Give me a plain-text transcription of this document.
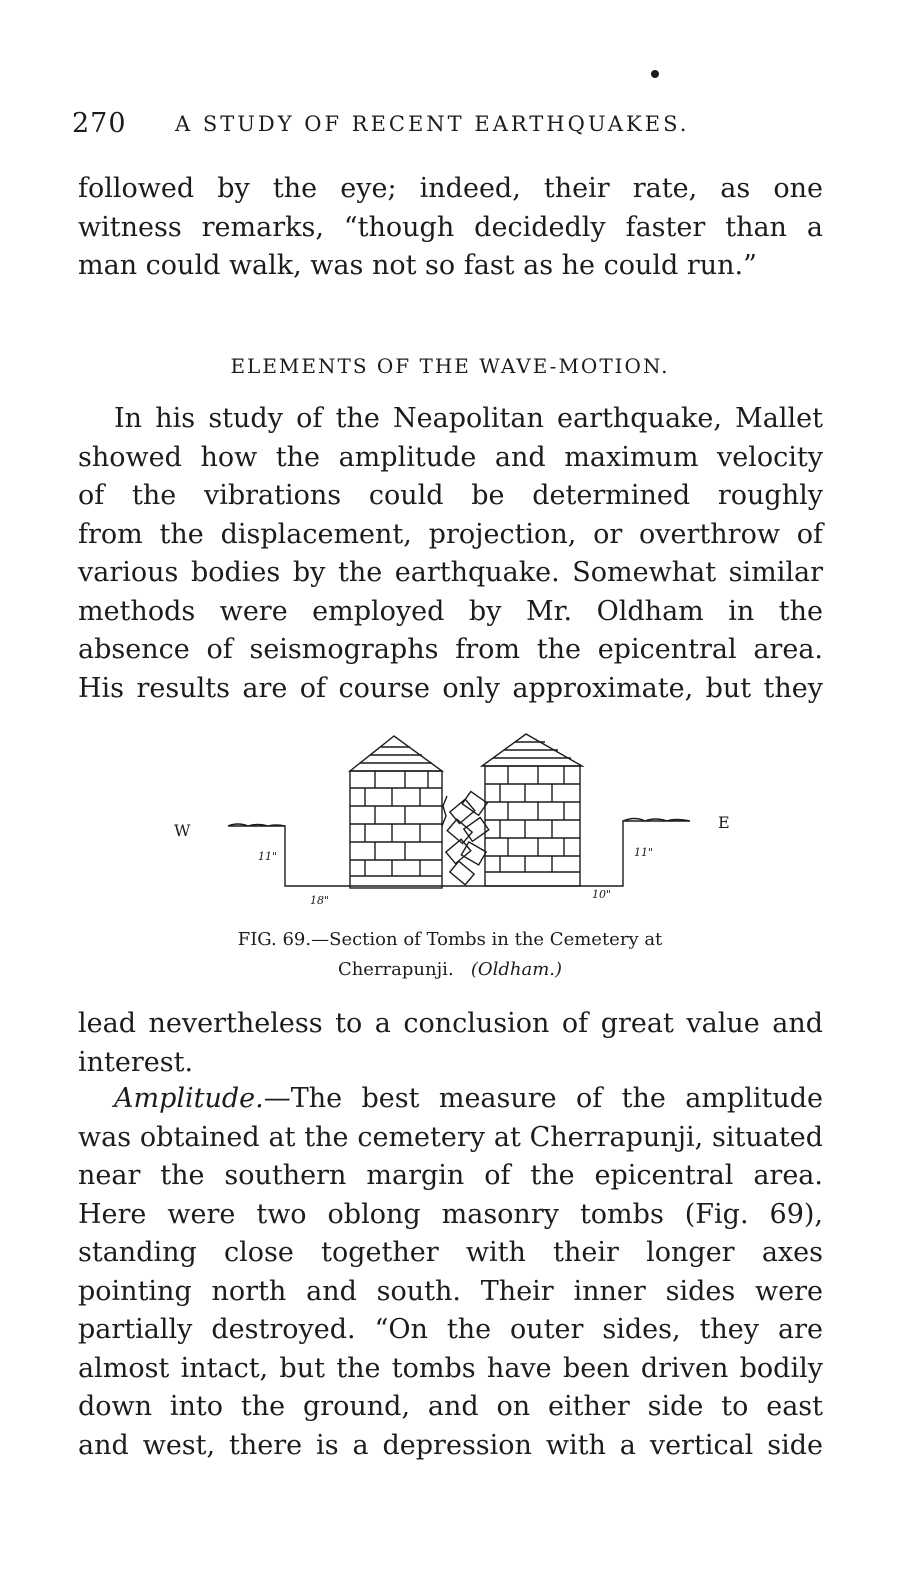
270 A STUDY OF RECENT EARTHQUAKES.
followed by the eye; indeed, their rate, as one
witness remarks, “though decidedly faster than a
man could walk, was not so fast as he could run.”
ELEMENTS OF THE WAVE-MOTION.
In his study of the Neapolitan earthquake, Mallet
showed how the amplitude and maximum velocity
of the vibrations could be determined roughly
from the displacement, projection, or overthrow of
various bodies by the earthquake. Somewhat similar
methods were employed by Mr. Oldham in the
absence of seismographs from the epicentral area.
His results are of course only approximate, but they
W	E
11"	11"
18"	10"
FIG. 69.—Section of Tombs in the Cemetery at
Cherrapunji. (Oldham.)
lead nevertheless to a conclusion of great value and
interest.
Amplitude.—The best measure of the amplitude
was obtained at the cemetery at Cherrapunji, situated
near the southern margin of the epicentral area.
Here were two oblong masonry tombs (Fig. 69),
standing close together with their longer axes
pointing north and south. Their inner sides were
partially destroyed. “On the outer sides, they are
almost intact, but the tombs have been driven bodily
down into the ground, and on either side to east
and west, there is a depression with a vertical side
